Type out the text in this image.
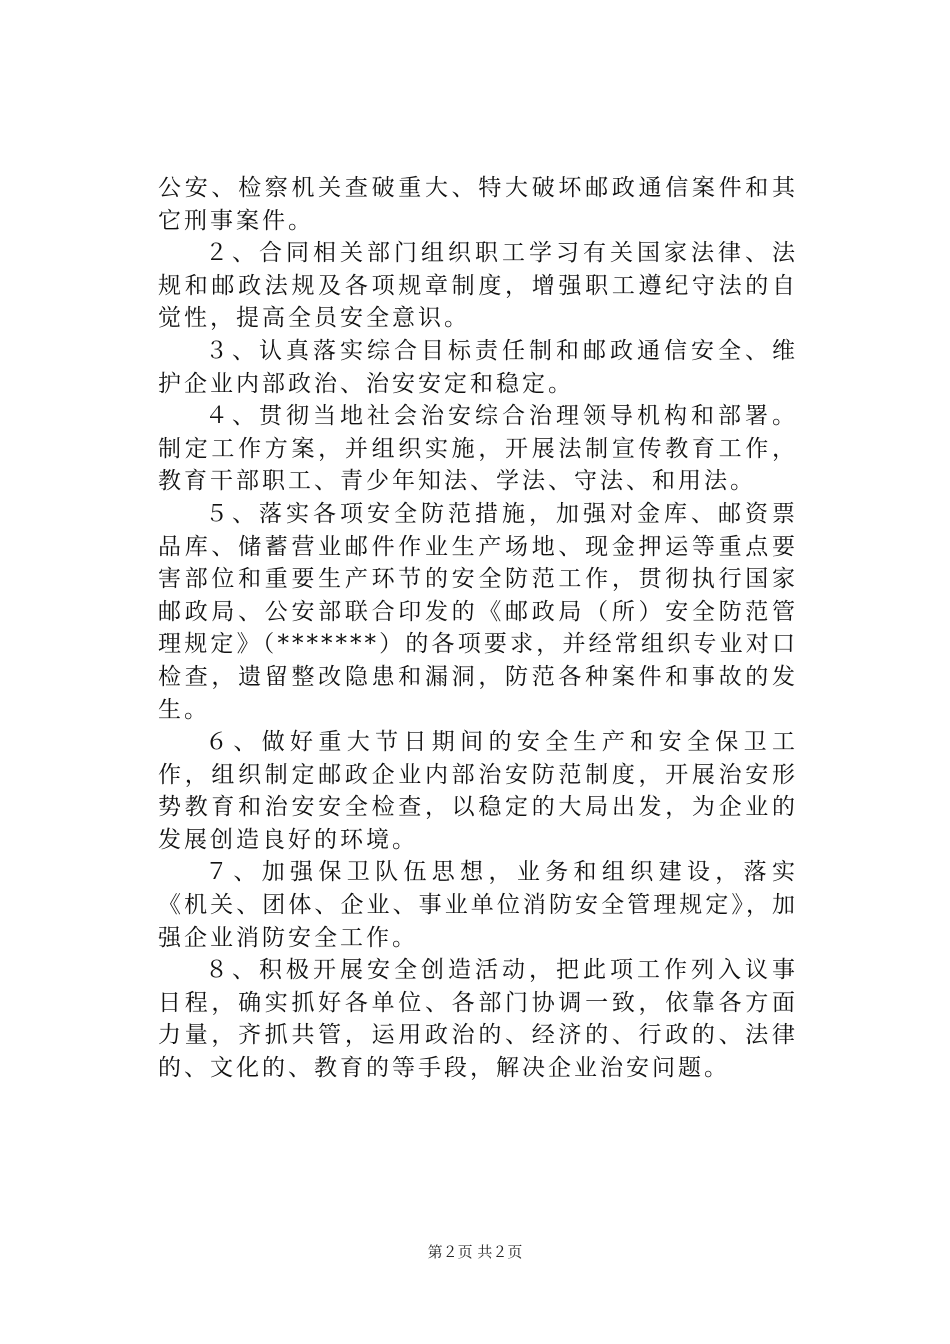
公安、检察机关查破重大、特大破坏邮政通信案件和其它刑事案件。

２、合同相关部门组织职工学习有关国家法律、法规和邮政法规及各项规章制度，增强职工遵纪守法的自觉性，提高全员安全意识。

３、认真落实综合目标责任制和邮政通信安全、维护企业内部政治、治安安定和稳定。

４、贯彻当地社会治安综合治理领导机构和部署。制定工作方案，并组织实施，开展法制宣传教育工作，教育干部职工、青少年知法、学法、守法、和用法。

５、落实各项安全防范措施，加强对金库、邮资票品库、储蓄营业邮件作业生产场地、现金押运等重点要害部位和重要生产环节的安全防范工作，贯彻执行国家邮政局、公安部联合印发的《邮政局（所）安全防范管理规定》（*******）的各项要求，并经常组织专业对口检查，遗留整改隐患和漏洞，防范各种案件和事故的发生。

６、做好重大节日期间的安全生产和安全保卫工作，组织制定邮政企业内部治安防范制度，开展治安形势教育和治安安全检查，以稳定的大局出发，为企业的发展创造良好的环境。

７、加强保卫队伍思想，业务和组织建设，落实《机关、团体、企业、事业单位消防安全管理规定》，加强企业消防安全工作。

８、积极开展安全创造活动，把此项工作列入议事日程，确实抓好各单位、各部门协调一致，依靠各方面力量，齐抓共管，运用政治的、经济的、行政的、法律的、文化的、教育的等手段，解决企业治安问题。

第２页 共２页
